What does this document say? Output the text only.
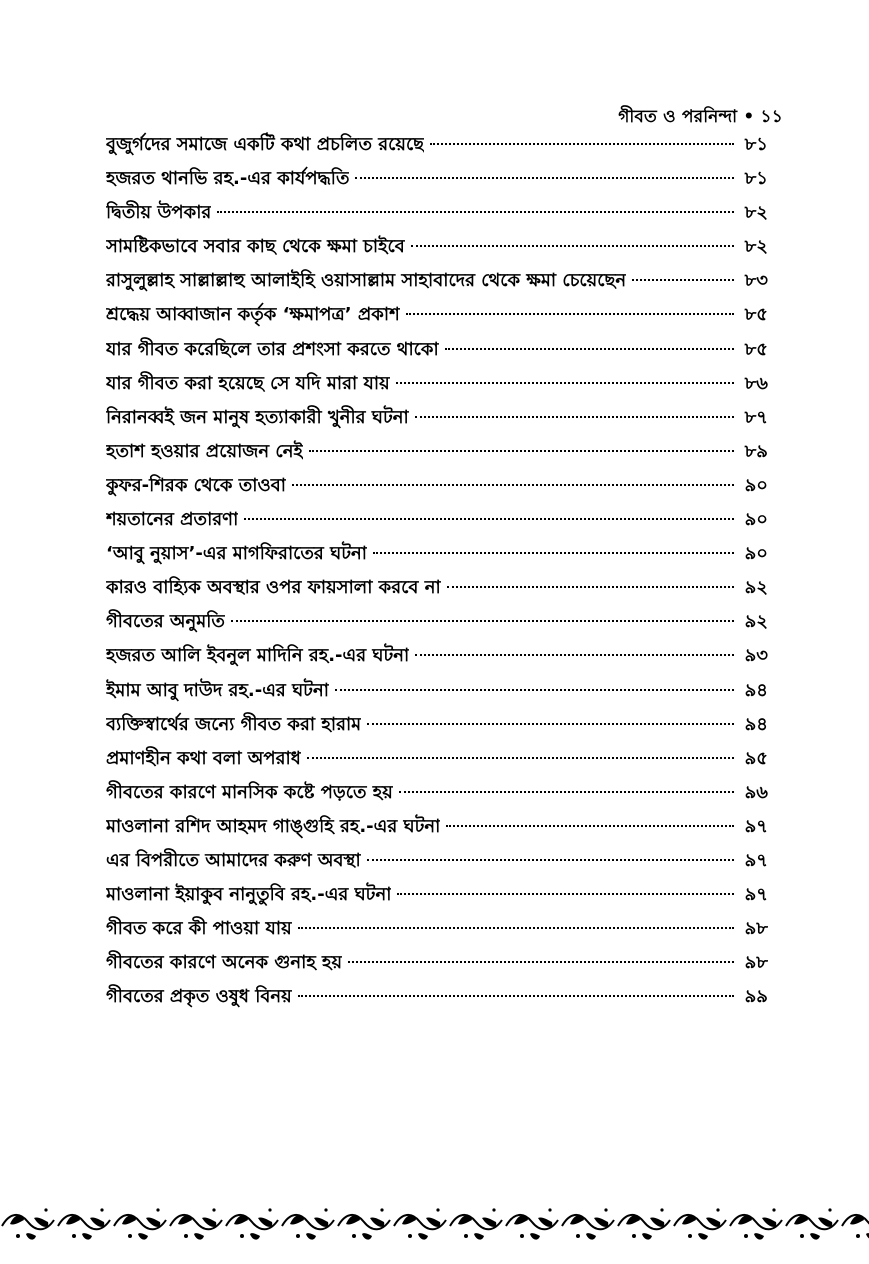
গীবত ও পরনিন্দা • ১১
বুজুর্গদের সমাজে একটি কথা প্রচলিত রয়েছে	৮১
হজরত থানভি রহ.-এর কার্যপদ্ধতি	৮১
দ্বিতীয় উপকার	৮২
সামষ্টিকভাবে সবার কাছ থেকে ক্ষমা চাইবে	৮২
রাসুলুল্লাহ সাল্লাল্লাহু আলাইহি ওয়াসাল্লাম সাহাবাদের থেকে ক্ষমা চেয়েছেন	৮৩
শ্রদ্ধেয় আব্বাজান কর্তৃক ‘ক্ষমাপত্র’ প্রকাশ	৮৫
যার গীবত করেছিলে তার প্রশংসা করতে থাকো	৮৫
যার গীবত করা হয়েছে সে যদি মারা যায়	৮৬
নিরানব্বই জন মানুষ হত্যাকারী খুনীর ঘটনা	৮৭
হতাশ হওয়ার প্রয়োজন নেই	৮৯
কুফর-শিরক থেকে তাওবা	৯০
শয়তানের প্রতারণা	৯০
‘আবু নুয়াস’-এর মাগফিরাতের ঘটনা	৯০
কারও বাহ্যিক অবস্থার ওপর ফায়সালা করবে না	৯২
গীবতের অনুমতি	৯২
হজরত আলি ইবনুল মাদিনি রহ.-এর ঘটনা	৯৩
ইমাম আবু দাউদ রহ.-এর ঘটনা	৯৪
ব্যক্তিস্বার্থের জন্যে গীবত করা হারাম	৯৪
প্রমাণহীন কথা বলা অপরাধ	৯৫
গীবতের কারণে মানসিক কষ্টে পড়তে হয়	৯৬
মাওলানা রশিদ আহমদ গাঙ্গুহি রহ.-এর ঘটনা	৯৭
এর বিপরীতে আমাদের করুণ অবস্থা	৯৭
মাওলানা ইয়াকুব নানুতুবি রহ.-এর ঘটনা	৯৭
গীবত করে কী পাওয়া যায়	৯৮
গীবতের কারণে অনেক গুনাহ হয়	৯৮
গীবতের প্রকৃত ওষুধ বিনয়	৯৯
